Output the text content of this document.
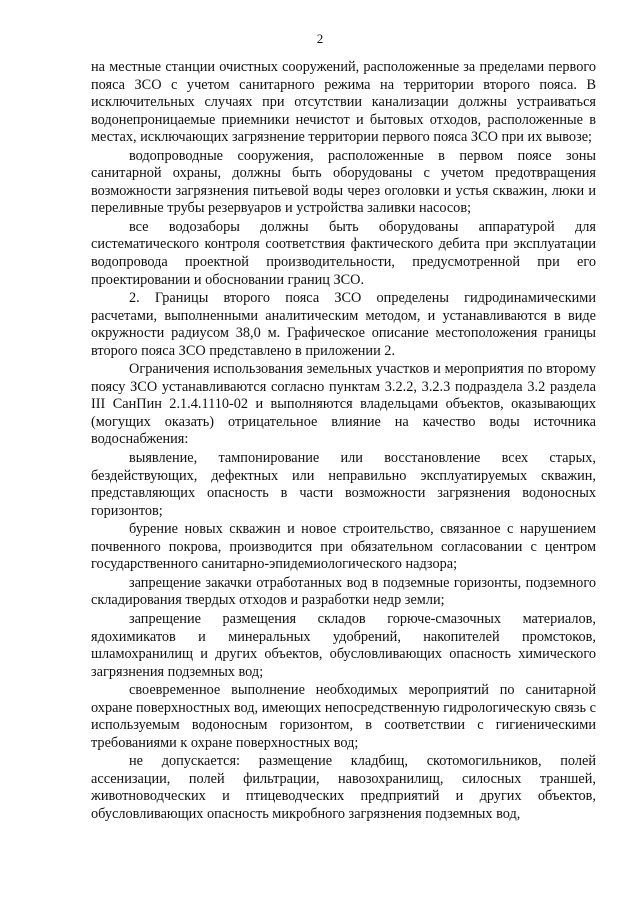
2

на местные станции очистных сооружений, расположенные за пределами первого пояса ЗСО с учетом санитарного режима на территории второго пояса. В исключительных случаях при отсутствии канализации должны устраиваться водонепроницаемые приемники нечистот и бытовых отходов, расположенные в местах, исключающих загрязнение территории первого пояса ЗСО при их вывозе;

водопроводные сооружения, расположенные в первом поясе зоны санитарной охраны, должны быть оборудованы с учетом предотвращения возможности загрязнения питьевой воды через оголовки и устья скважин, люки и переливные трубы резервуаров и устройства заливки насосов;

все водозаборы должны быть оборудованы аппаратурой для систематического контроля соответствия фактического дебита при эксплуатации водопровода проектной производительности, предусмотренной при его проектировании и обосновании границ ЗСО.

2. Границы второго пояса ЗСО определены гидродинамическими расчетами, выполненными аналитическим методом, и устанавливаются в виде окружности радиусом 38,0 м. Графическое описание местоположения границы второго пояса ЗСО представлено в приложении 2.

Ограничения использования земельных участков и мероприятия по второму поясу ЗСО устанавливаются согласно пунктам 3.2.2, 3.2.3 подраздела 3.2 раздела III СанПин 2.1.4.1110-02 и выполняются владельцами объектов, оказывающих (могущих оказать) отрицательное влияние на качество воды источника водоснабжения:

выявление, тампонирование или восстановление всех старых, бездействующих, дефектных или неправильно эксплуатируемых скважин, представляющих опасность в части возможности загрязнения водоносных горизонтов;

бурение новых скважин и новое строительство, связанное с нарушением почвенного покрова, производится при обязательном согласовании с центром государственного санитарно-эпидемиологического надзора;

запрещение закачки отработанных вод в подземные горизонты, подземного складирования твердых отходов и разработки недр земли;

запрещение размещения складов горюче-смазочных материалов, ядохимикатов и минеральных удобрений, накопителей промстоков, шламохранилищ и других объектов, обусловливающих опасность химического загрязнения подземных вод;

своевременное выполнение необходимых мероприятий по санитарной охране поверхностных вод, имеющих непосредственную гидрологическую связь с используемым водоносным горизонтом, в соответствии с гигиеническими требованиями к охране поверхностных вод;

не допускается: размещение кладбищ, скотомогильников, полей ассенизации, полей фильтрации, навозохранилищ, силосных траншей, животноводческих и птицеводческих предприятий и других объектов, обусловливающих опасность микробного загрязнения подземных вод,
